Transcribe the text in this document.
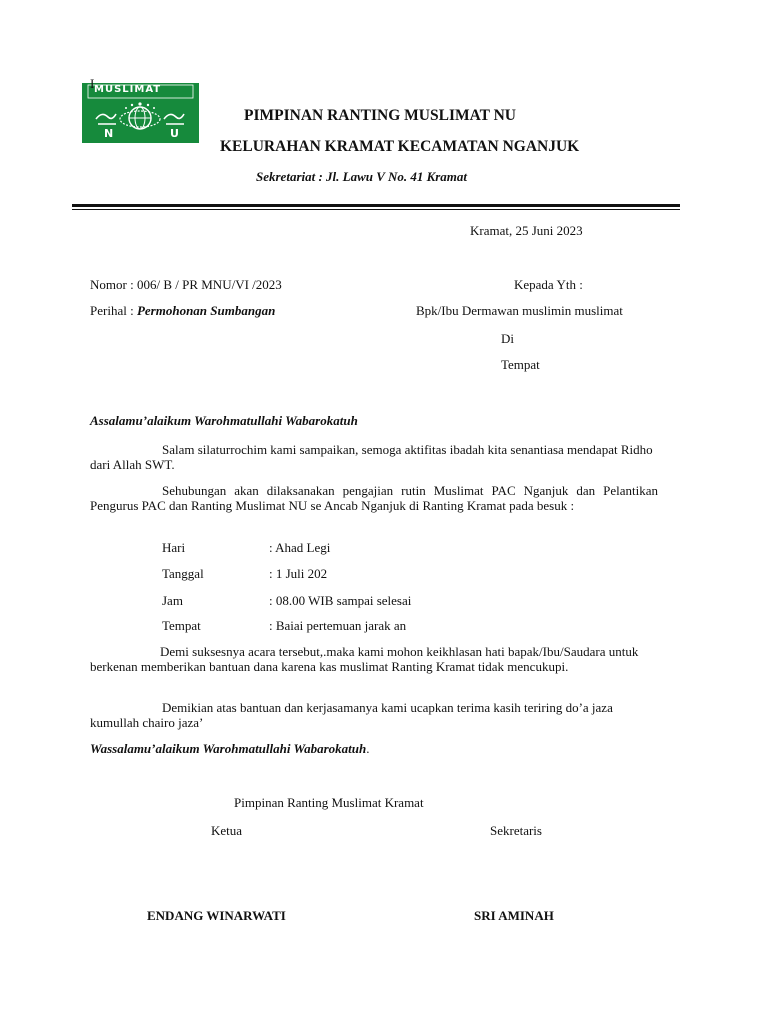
MUSLIMAT
N	U
I
PIMPINAN RANTING MUSLIMAT NU
KELURAHAN KRAMAT KECAMATAN NGANJUK
Sekretariat : Jl. Lawu V No. 41 Kramat
Kramat, 25 Juni 2023
Nomor : 006/ B / PR MNU/VI /2023
Perihal : Permohonan Sumbangan
Kepada Yth :
Bpk/Ibu Dermawan muslimin muslimat
Di
Tempat
Assalamu’alaikum Warohmatullahi Wabarokatuh
Salam silaturrochim kami sampaikan, semoga aktifitas ibadah kita senantiasa mendapat Ridho dari Allah SWT.
Sehubungan akan dilaksanakan pengajian rutin Muslimat PAC Nganjuk dan Pelantikan Pengurus PAC dan Ranting Muslimat NU se Ancab Nganjuk di Ranting Kramat pada besuk :
Hari	: Ahad Legi
Tanggal	: 1 Juli 202
Jam	: 08.00 WIB sampai selesai
Tempat	: Baiai pertemuan jarak an
Demi suksesnya acara tersebut,.maka kami mohon keikhlasan hati bapak/Ibu/Saudara untuk berkenan memberikan bantuan dana karena kas muslimat Ranting Kramat tidak mencukupi.
Demikian atas bantuan dan kerjasamanya kami ucapkan terima kasih teriring do’a jaza kumullah chairo jaza’
Wassalamu’alaikum Warohmatullahi Wabarokatuh.
Pimpinan Ranting Muslimat Kramat
Ketua	Sekretaris
ENDANG WINARWATI	SRI AMINAH
